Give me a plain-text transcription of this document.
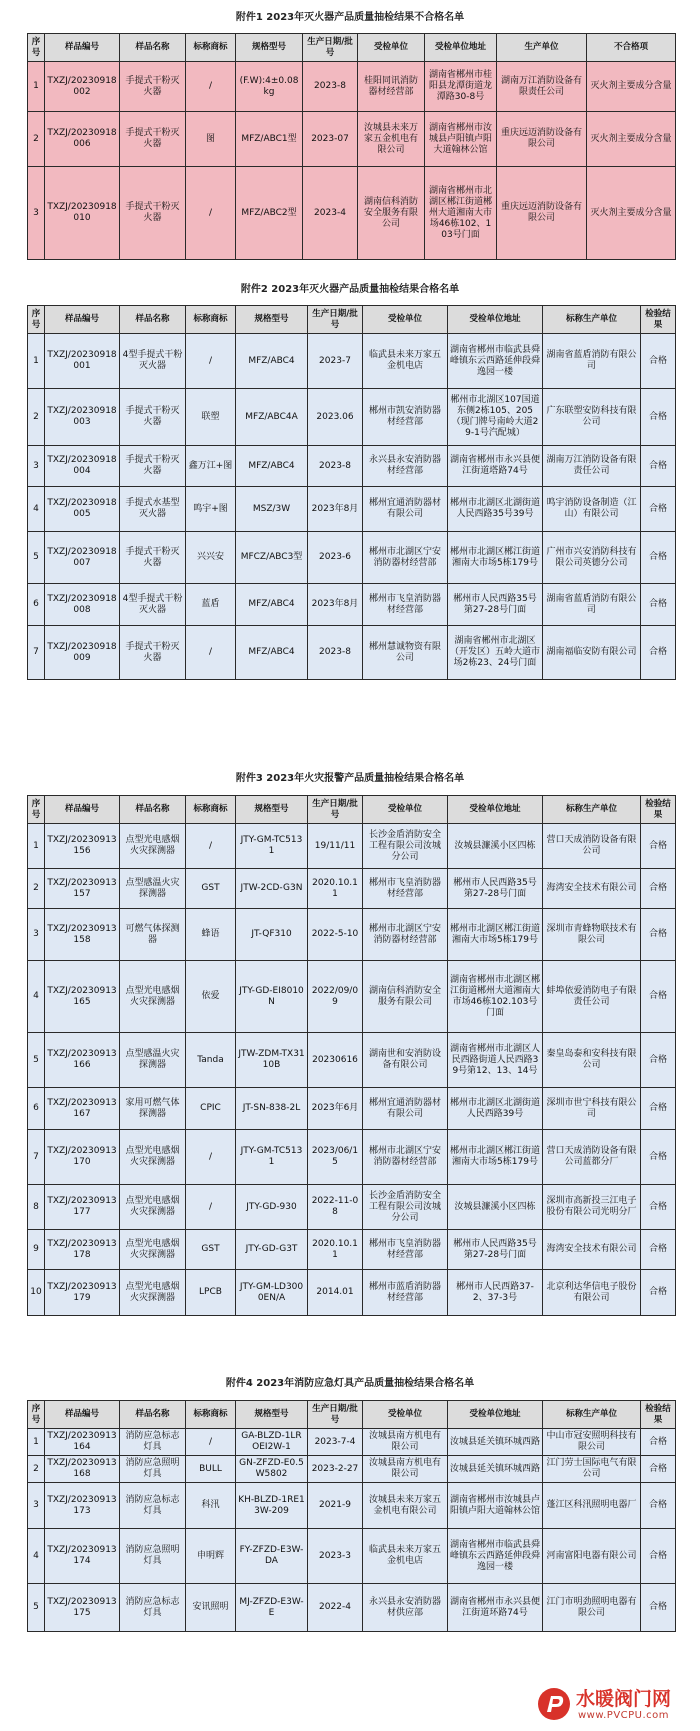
附件1 2023年灭火器产品质量抽检结果不合格名单
序号	样品编号	样品名称	标称商标	规格型号	生产日期/批号	受检单位	受检单位地址	生产单位	不合格项
1	TXZJ/20230918002	手提式干粉灭火器	/	(F.W):4±0.08kg	2023-8	桂阳同讯消防器材经营部	湖南省郴州市桂阳县龙潭街道龙潭路30-8号	湖南万江消防设备有限责任公司	灭火剂主要成分含量
2	TXZJ/20230918006	手提式干粉灭火器	图	MFZ/ABC1型	2023-07	汝城县未来万家五金机电有限公司	湖南省郴州市汝城县卢阳镇卢阳大道翰林公馆	重庆远迈消防设备有限公司	灭火剂主要成分含量
3	TXZJ/20230918010	手提式干粉灭火器	/	MFZ/ABC2型	2023-4	湖南信科消防安全服务有限公司	湖南省郴州市北湖区郴江街道郴州大道湘南大市场46栋102、103号门面	重庆远迈消防设备有限公司	灭火剂主要成分含量
附件2 2023年灭火器产品质量抽检结果合格名单
序号	样品编号	样品名称	标称商标	规格型号	生产日期/批号	受检单位	受检单位地址	标称生产单位	检验结果
1	TXZJ/20230918001	4型手提式干粉灭火器	/	MFZ/ABC4	2023-7	临武县未来万家五金机电店	湖南省郴州市临武县舜峰镇东云西路延伸段舜逸园一楼	湖南省蓝盾消防有限公司	合格
2	TXZJ/20230918003	手提式干粉灭火器	联塑	MFZ/ABC4A	2023.06	郴州市凯安消防器材经营部	郴州市北湖区107国道东侧2栋105、205（现门牌号南岭大道29-1号汽配城）	广东联塑安防科技有限公司	合格
3	TXZJ/20230918004	手提式干粉灭火器	鑫万江+图	MFZ/ABC4	2023-8	永兴县永安消防器材经营部	湖南省郴州市永兴县便江街道塔路74号	湖南万江消防设备有限责任公司	合格
4	TXZJ/20230918005	手提式水基型灭火器	鸣宇+图	MSZ/3W	2023年8月	郴州宜通消防器材有限公司	郴州市北湖区北湖街道人民西路35号39号	鸣宇消防设备制造（江山）有限公司	合格
5	TXZJ/20230918007	手提式干粉灭火器	兴兴安	MFCZ/ABC3型	2023-6	郴州市北湖区宁安消防器材经营部	郴州市北湖区郴江街道湘南大市场5栋179号	广州市兴安消防科技有限公司英德分公司	合格
6	TXZJ/20230918008	4型手提式干粉灭火器	蓝盾	MFZ/ABC4	2023年8月	郴州市飞皇消防器材经营部	郴州市人民西路35号第27-28号门面	湖南省蓝盾消防有限公司	合格
7	TXZJ/20230918009	手提式干粉灭火器	/	MFZ/ABC4	2023-8	郴州慧诚物资有限公司	湖南省郴州市北湖区（开发区）五岭大道市场2栋23、24号门面	湖南福临安防有限公司	合格
附件3 2023年火灾报警产品质量抽检结果合格名单
序号	样品编号	样品名称	标称商标	规格型号	生产日期/批号	受检单位	受检单位地址	标称生产单位	检验结果
1	TXZJ/20230913156	点型光电感烟火灾探测器	/	JTY-GM-TC5131	19/11/11	长沙金盾消防安全工程有限公司汝城分公司	汝城县濂溪小区四栋	营口天成消防设备有限公司	合格
2	TXZJ/20230913157	点型感温火灾探测器	GST	JTW-2CD-G3N	2020.10.11	郴州市飞皇消防器材经营部	郴州市人民西路35号第27-28号门面	海湾安全技术有限公司	合格
3	TXZJ/20230913158	可燃气体探测器	蜂语	JT-QF310	2022-5-10	郴州市北湖区宁安消防器材经营部	郴州市北湖区郴江街道湘南大市场5栋179号	深圳市青蜂物联技术有限公司	合格
4	TXZJ/20230913165	点型光电感烟火灾探测器	依爱	JTY-GD-EI8010N	2022/09/09	湖南信科消防安全服务有限公司	湖南省郴州市北湖区郴江街道郴州大道湘南大市场46栋102.103号门面	蚌埠依爱消防电子有限责任公司	合格
5	TXZJ/20230913166	点型感温火灾探测器	Tanda	JTW-ZDM-TX3110B	20230616	湖南世和安消防设备有限公司	湖南省郴州市北湖区人民西路街道人民西路39号第12、13、14号	秦皇岛泰和安科技有限公司	合格
6	TXZJ/20230913167	家用可燃气体探测器	CPIC	JT-SN-838-2L	2023年6月	郴州宜通消防器材有限公司	郴州市北湖区北湖街道人民西路39号	深圳市世宁科技有限公司	合格
7	TXZJ/20230913170	点型光电感烟火灾探测器	/	JTY-GM-TC5131	2023/06/15	郴州市北湖区宁安消防器材经营部	郴州市北湖区郴江街道湘南大市场5栋179号	营口天成消防设备有限公司蓝都分厂	合格
8	TXZJ/20230913177	点型光电感烟火灾探测器	/	JTY-GD-930	2022-11-08	长沙金盾消防安全工程有限公司汝城分公司	汝城县濂溪小区四栋	深圳市高新投三江电子股份有限公司光明分厂	合格
9	TXZJ/20230913178	点型光电感烟火灾探测器	GST	JTY-GD-G3T	2020.10.11	郴州市飞皇消防器材经营部	郴州市人民西路35号第27-28号门面	海湾安全技术有限公司	合格
10	TXZJ/20230913179	点型光电感烟火灾探测器	LPCB	JTY-GM-LD3000EN/A	2014.01	郴州市蓝盾消防器材经营部	郴州市人民西路37-2、37-3号	北京利达华信电子股份有限公司	合格
附件4 2023年消防应急灯具产品质量抽检结果合格名单
序号	样品编号	样品名称	标称商标	规格型号	生产日期/批号	受检单位	受检单位地址	标称生产单位	检验结果
1	TXZJ/20230913164	消防应急标志灯具	/	GA-BLZD-1LROEI2W-1	2023-7-4	汝城县南方机电有限公司	汝城县延关镇环城西路	中山市冠安照明科技有限公司	合格
2	TXZJ/20230913168	消防应急照明灯具	BULL	GN-ZFZD-E0.5W5802	2023-2-27	汝城县南方机电有限公司	汝城县延关镇环城西路	江门劳士国际电气有限公司	合格
3	TXZJ/20230913173	消防应急标志灯具	科汛	KH-BLZD-1RE13W-209	2021-9	汝城县未来万家五金机电有限公司	湖南省郴州市汝城县卢阳镇卢阳大道翰林公馆	蓬江区科汛照明电器厂	合格
4	TXZJ/20230913174	消防应急照明灯具	申明辉	FY-ZFZD-E3W-DA	2023-3	临武县未来万家五金机电店	湖南省郴州市临武县舜峰镇东云西路延伸段舜逸园一楼	河南富阳电器有限公司	合格
5	TXZJ/20230913175	消防应急标志灯具	安讯照明	MJ-ZFZD-E3W-E	2022-4	永兴县永安消防器材供应部	湖南省郴州市永兴县便江街道环路74号	江门市明劲照明电器有限公司	合格
水暖阀门网
www.PVCPU.com
